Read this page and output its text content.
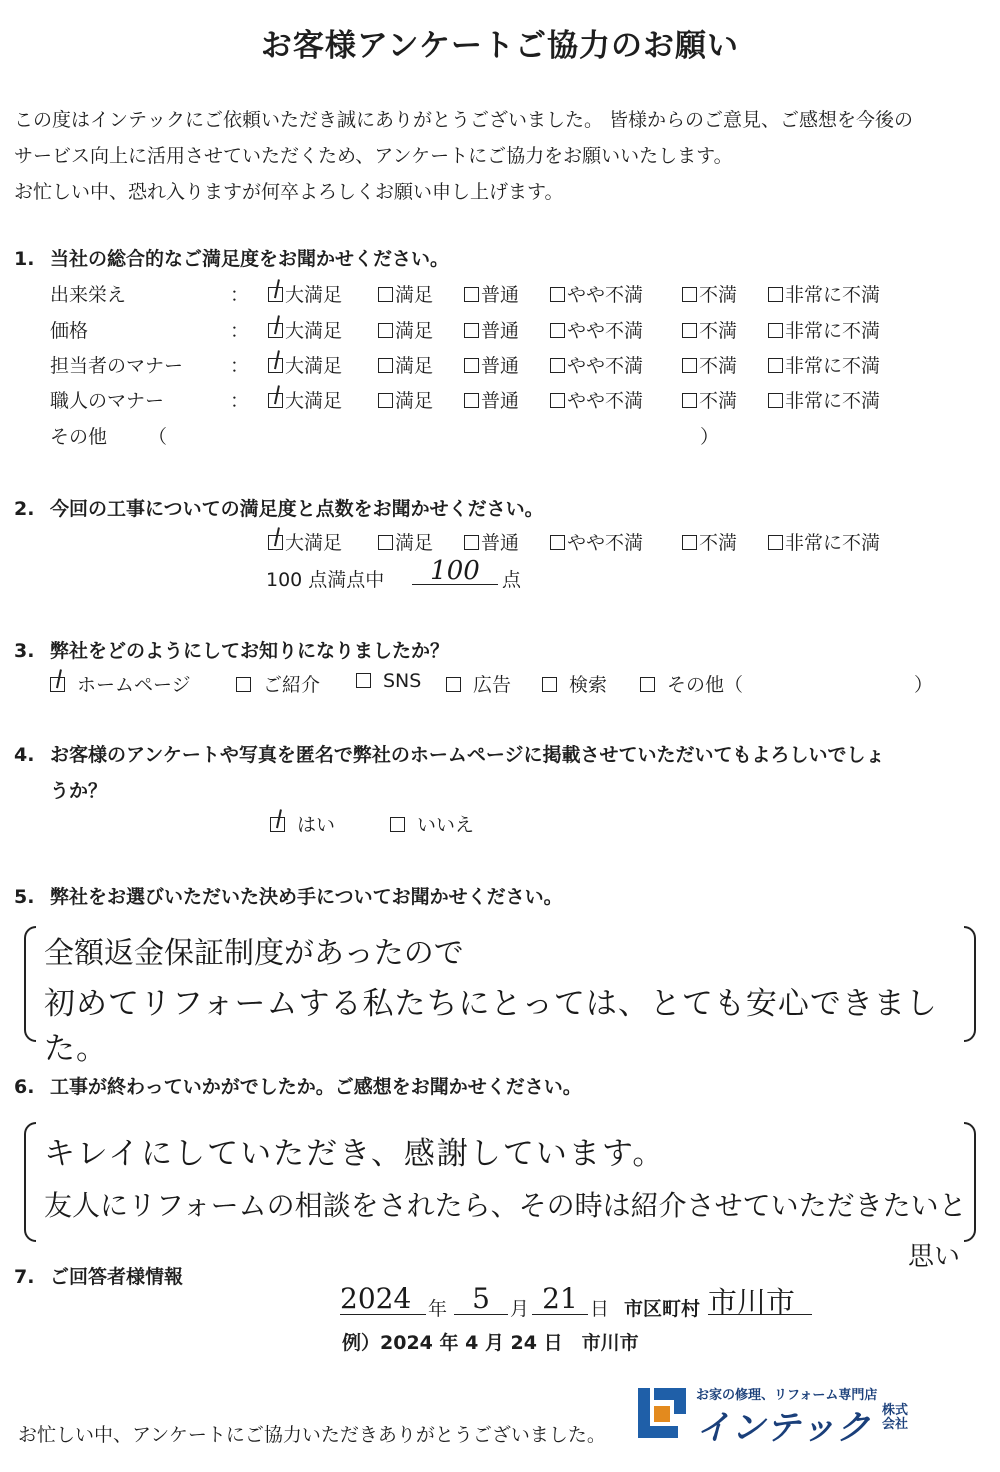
お客様アンケートご協力のお願い
この度はインテックにご依頼いただき誠にありがとうございました。 皆様からのご意見、ご感想を今後の
サービス向上に活用させていただくため、アンケートにご協力をお願いいたします。
お忙しい中、恐れ入りますが何卒よろしくお願い申し上げます。
1. 当社の総合的なご満足度をお聞かせください。
出来栄え	：	大満足	満足	普通	やや不満	不満	非常に不満
価格	：	大満足	満足	普通	やや不満	不満	非常に不満
担当者のマナー ：	大満足	満足	普通	やや不満	不満	非常に不満
職人のマナー	：	大満足	満足	普通	やや不満	不満	非常に不満
その他 （	）
2. 今回の工事についての満足度と点数をお聞かせください。
大満足	満足	普通	やや不満	不満	非常に不満
100 点満点中	100	点
3. 弊社をどのようにしてお知りになりましたか？
ホームページ	ご紹介	SNS	広告	検索	その他（	）
4. お客様のアンケートや写真を匿名で弊社のホームページに掲載させていただいてもよろしいでしょ
うか？
はい	いいえ
5. 弊社をお選びいただいた決め手についてお聞かせください。
全額返金保証制度があったので
初めてリフォームする私たちにとっては、とても安心できました。
6. 工事が終わっていかがでしたか。ご感想をお聞かせください。
キレイにしていただき、感謝しています。
友人にリフォームの相談をされたら、その時は紹介させていただきたいと
思い
7. ご回答者様情報
2024 年 5	月 21 日 市区町村 市川市
例）2024 年 4 月 24 日　市川市
お忙しい中、アンケートにご協力いただきありがとうございました。
お家の修理、リフォーム専門店
インテック 株式
会社
